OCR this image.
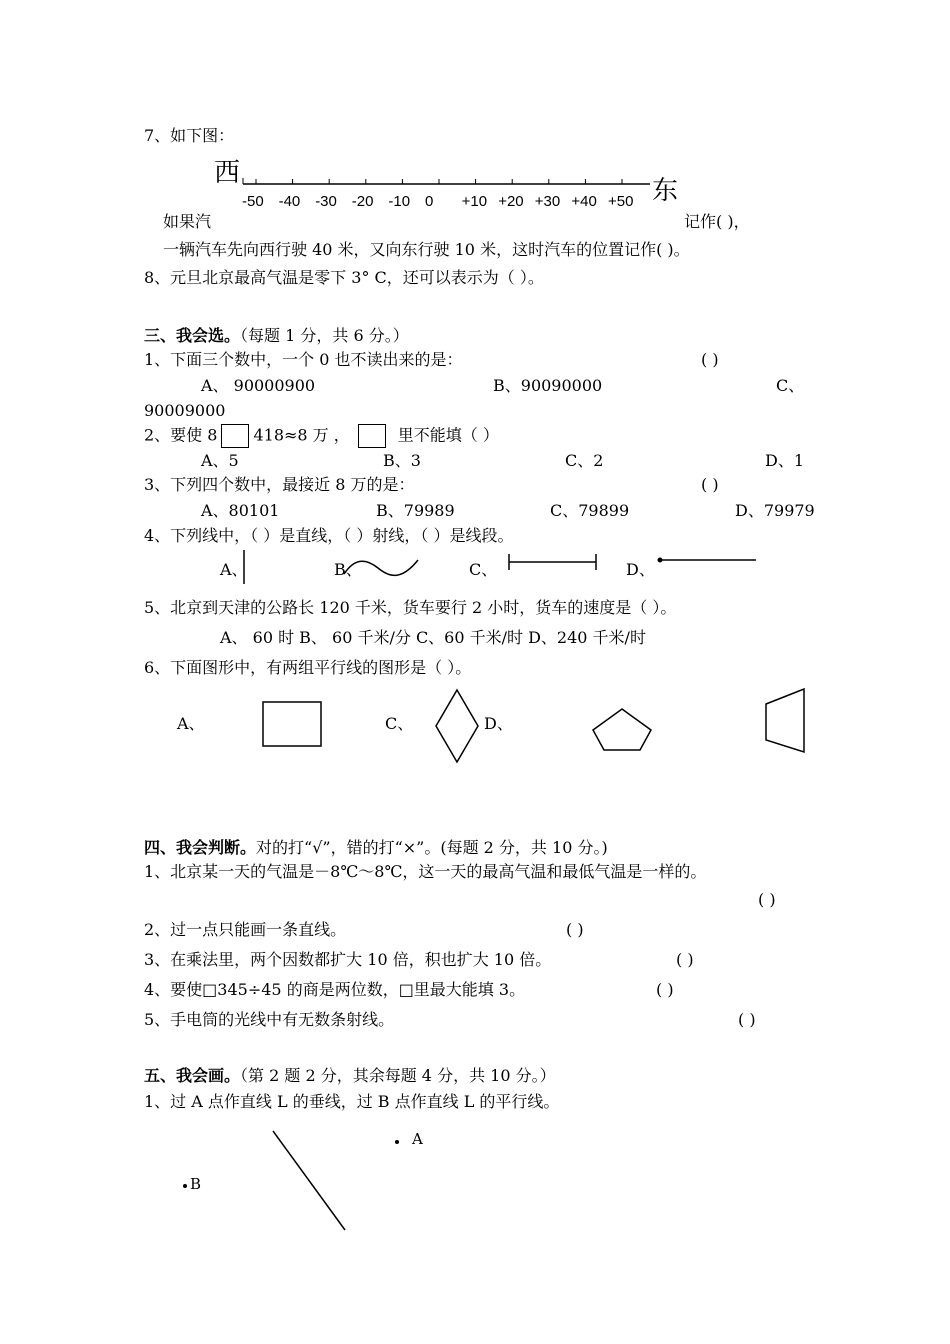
7、如下图：
西
东
-50 -40 -30 -20 -10 0 +10 +20 +30 +40 +50
如果汽	记作( )，
一辆汽车先向西行驶 40 米，又向东行驶 10 米，这时汽车的位置记作( )。
8、元旦北京最高气温是零下 3° C，还可以表示为（ ）。
三、我会选。（每题 1 分，共 6 分。）
1、下面三个数中，一个 0 也不读出来的是：	( )
A、 90000900	B、90090000	C、
90009000
2、要使 8 418≈8 万 ，	里不能填（ ）
A、5	B、3	C、2	D、1
3、下列四个数中，最接近 8 万的是：	( )
A、80101	B、79989	C、79899	D、79979
4、下列线中，（ ）是直线，（ ）射线，（ ）是线段。
A、	B、	C、	D、
5、北京到天津的公路长 120 千米，货车要行 2 小时，货车的速度是（ ）。
A、 60 时 B、 60 千米/分 C、60 千米/时 D、240 千米/时
6、下面图形中，有两组平行线的图形是（ ）。
A、	C、	D、
四、我会判断。对的打“√”，错的打“×”。(每题 2 分，共 10 分。)
1、北京某一天的气温是－8℃～8℃，这一天的最高气温和最低气温是一样的。
( )
2、过一点只能画一条直线。	( )
3、在乘法里，两个因数都扩大 10 倍，积也扩大 10 倍。	( )
4、要使□345÷45 的商是两位数，□里最大能填 3。	( )
5、手电筒的光线中有无数条射线。	( )
五、我会画。（第 2 题 2 分，其余每题 4 分，共 10 分。）
1、过 A 点作直线 L 的垂线，过 B 点作直线 L 的平行线。
A
B
